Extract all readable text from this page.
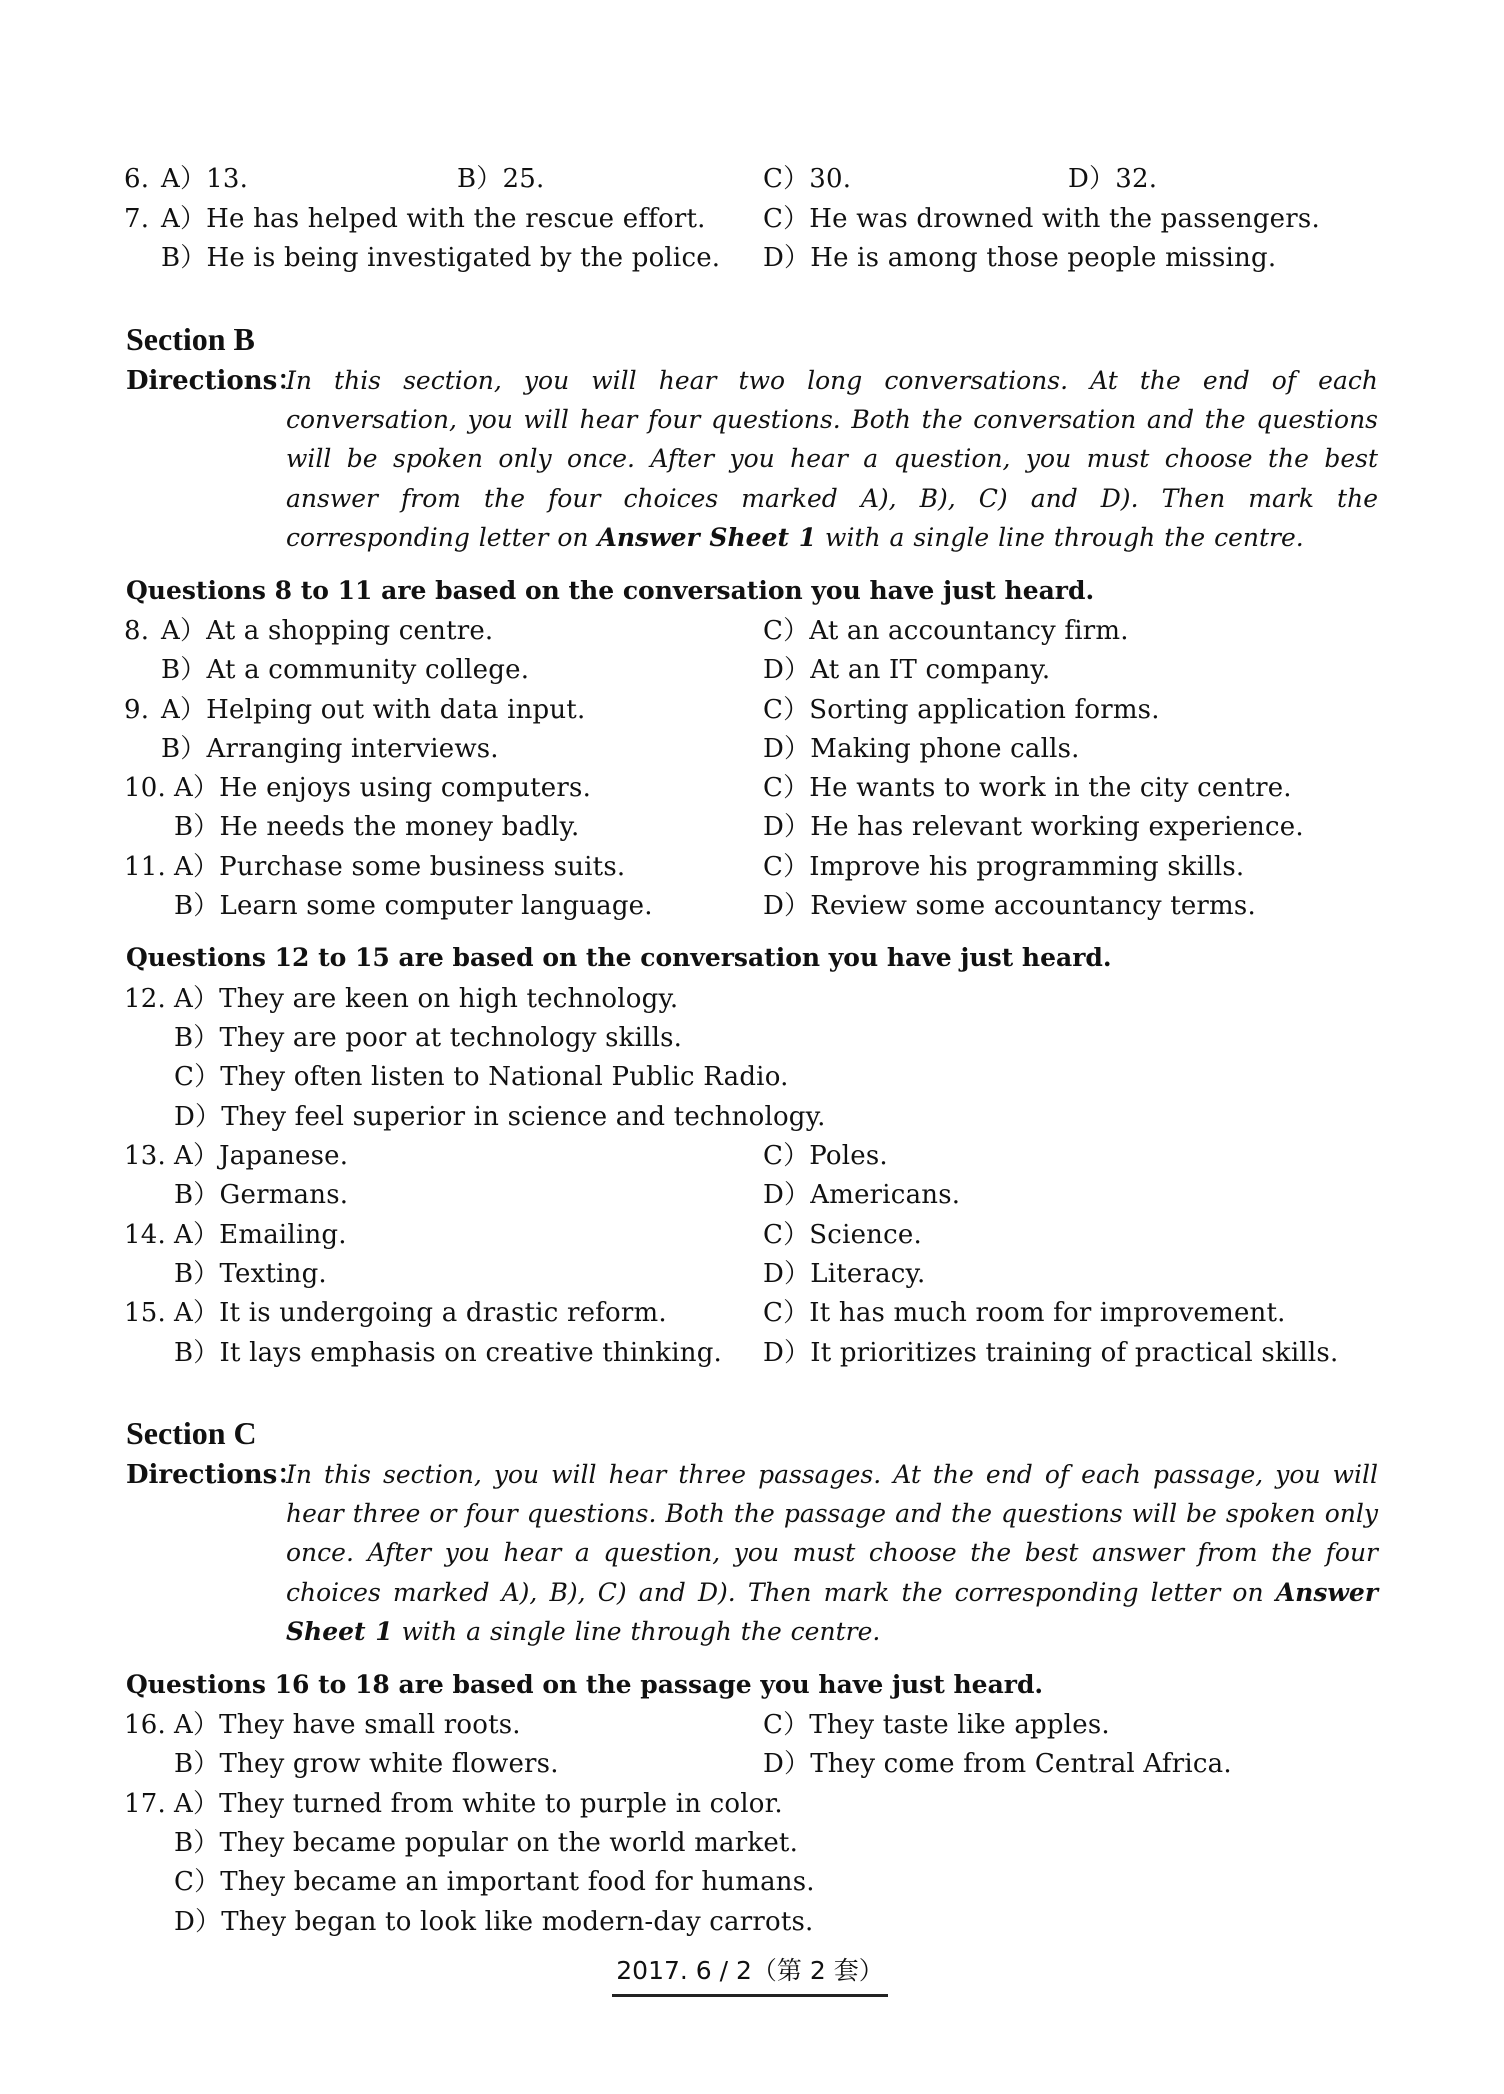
6. A）13.	B）25.	C）30.	D）32.
7. A）He has helped with the rescue effort. C）He was drowned with the passengers.
B）He is being investigated by the police. D）He is among those people missing.
Section B
Directions：
In this section, you will hear two long conversations. At the end of each conversation, you will hear four questions. Both the conversation and the questions will be spoken only once. After you hear a question, you must choose the best answer from the four choices marked A), B), C) and D). Then mark the corresponding letter on Answer Sheet 1 with a single line through the centre.
Questions 8 to 11 are based on the conversation you have just heard.
8. A）At a shopping centre.	C）At an accountancy firm.
B）At a community college.	D）At an IT company.
9. A）Helping out with data input.	C）Sorting application forms.
B）Arranging interviews.	D）Making phone calls.
10. A）He enjoys using computers.	C）He wants to work in the city centre.
B）He needs the money badly.	D）He has relevant working experience.
11. A）Purchase some business suits.	C）Improve his programming skills.
B）Learn some computer language.	D）Review some accountancy terms.
Questions 12 to 15 are based on the conversation you have just heard.
12. A）They are keen on high technology.
B）They are poor at technology skills.
C）They often listen to National Public Radio.
D）They feel superior in science and technology.
13. A）Japanese.	C）Poles.
B）Germans.	D）Americans.
14. A）Emailing.	C）Science.
B）Texting.	D）Literacy.
15. A）It is undergoing a drastic reform.	C）It has much room for improvement.
B）It lays emphasis on creative thinking. D）It prioritizes training of practical skills.
Section C
Directions：
In this section, you will hear three passages. At the end of each passage, you will hear three or four questions. Both the passage and the questions will be spoken only once. After you hear a question, you must choose the best answer from the four choices marked A), B), C) and D). Then mark the corresponding letter on Answer Sheet 1 with a single line through the centre.
Questions 16 to 18 are based on the passage you have just heard.
16. A）They have small roots.	C）They taste like apples.
B）They grow white flowers.	D）They come from Central Africa.
17. A）They turned from white to purple in color.
B）They became popular on the world market.
C）They became an important food for humans.
D）They began to look like modern-day carrots.
2017. 6 / 2（第 2 套）
